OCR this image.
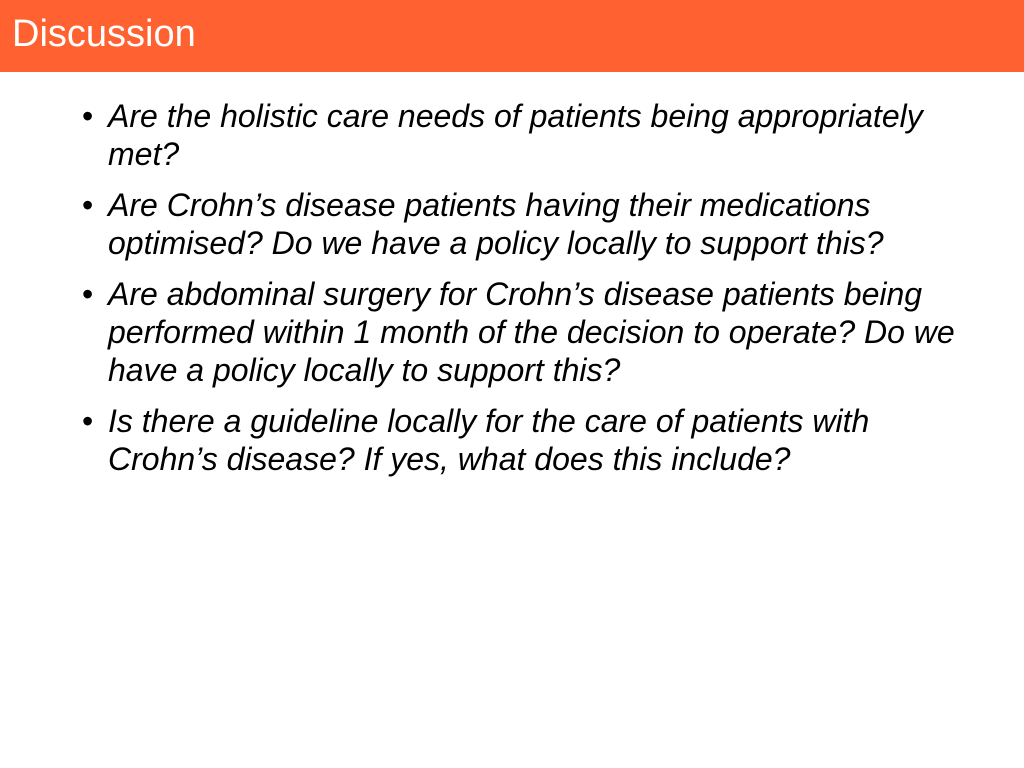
Discussion
• Are the holistic care needs of patients being appropriately met?
• Are Crohn’s disease patients having their medications optimised? Do we have a policy locally to support this?
• Are abdominal surgery for Crohn’s disease patients being performed within 1 month of the decision to operate? Do we have a policy locally to support this?
• Is there a guideline locally for the care of patients with Crohn’s disease? If yes, what does this include?
